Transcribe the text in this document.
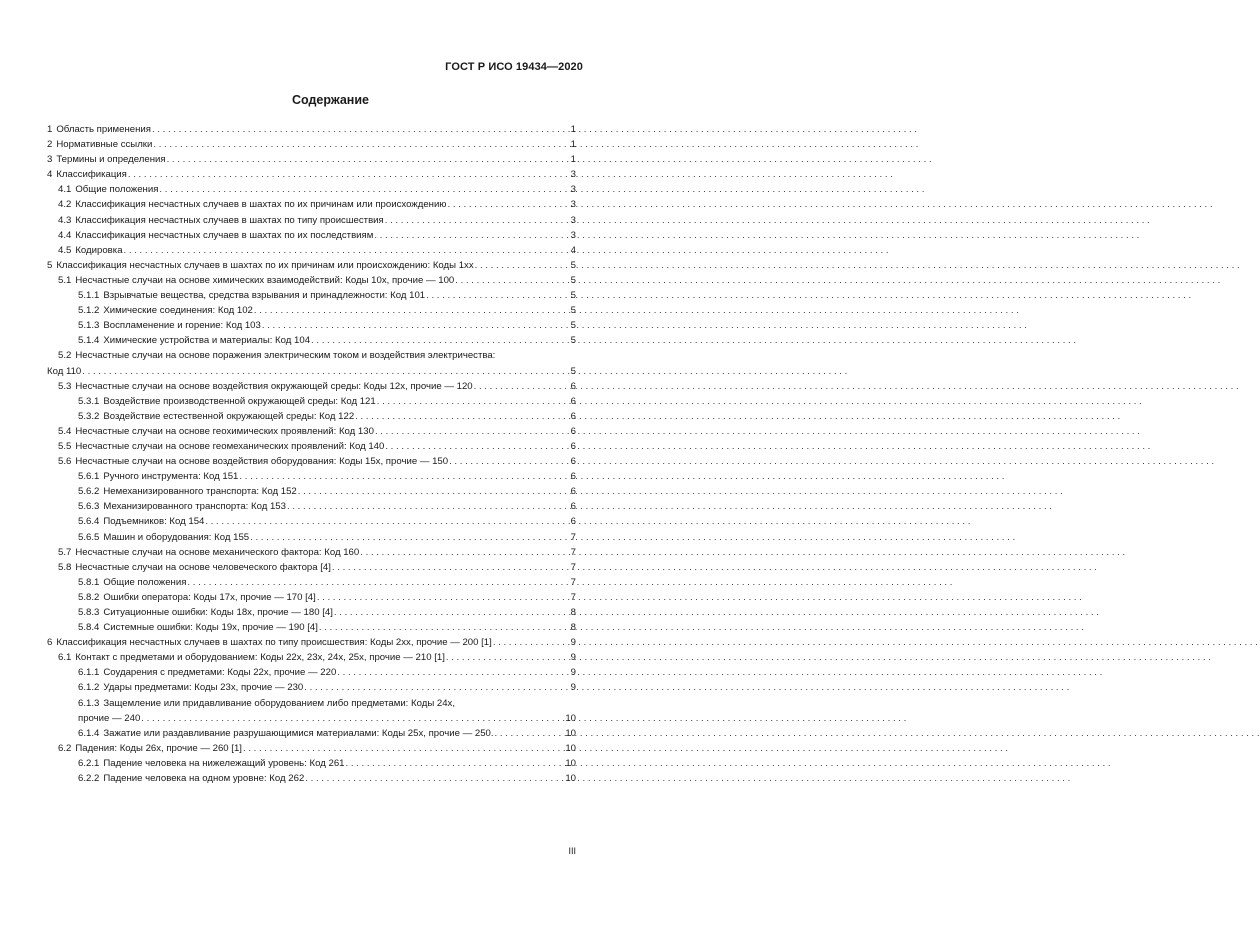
ГОСТ Р ИСО 19434—2020
Содержание
1 Область применения . . .	1
2 Нормативные ссылки . . .	1
3 Термины и определения . . .	1
4 Классификация . . .	3
4.1 Общие положения . . .	3
4.2 Классификация несчастных случаев в шахтах по их причинам или происхождению . . .	3
4.3 Классификация несчастных случаев в шахтах по типу происшествия . . .	3
4.4 Классификация несчастных случаев в шахтах по их последствиям . . .	3
4.5 Кодировка . . .	4
5 Классификация несчастных случаев в шахтах по их причинам или происхождению: Коды 1хх . . .	5
5.1 Несчастные случаи на основе химических взаимодействий: Коды 10х, прочие — 100 . . .	5
5.1.1 Взрывчатые вещества, средства взрывания и принадлежности: Код 101 . . .	5
5.1.2 Химические соединения: Код 102 . . .	5
5.1.3 Воспламенение и горение: Код 103 . . .	5
5.1.4 Химические устройства и материалы: Код 104 . . .	5
5.2 Несчастные случаи на основе поражения электрическим током и воздействия электричества:
Код 110 . . .	5
5.3 Несчастные случаи на основе воздействия окружающей среды: Коды 12х, прочие — 120 . . .	6
5.3.1 Воздействие производственной окружающей среды: Код 121 . . .	6
5.3.2 Воздействие естественной окружающей среды: Код 122 . . .	6
5.4 Несчастные случаи на основе геохимических проявлений: Код 130 . . .	6
5.5 Несчастные случаи на основе геомеханических проявлений: Код 140 . . .	6
5.6 Несчастные случаи на основе воздействия оборудования: Коды 15х, прочие — 150 . . .	6
5.6.1 Ручного инструмента: Код 151 . . .	6
5.6.2 Немеханизированного транспорта: Код 152 . . .	6
5.6.3 Механизированного транспорта: Код 153 . . .	6
5.6.4 Подъемников: Код 154 . . .	6
5.6.5 Машин и оборудования: Код 155 . . .	7
5.7 Несчастные случаи на основе механического фактора: Код 160 . . .	7
5.8 Несчастные случаи на основе человеческого фактора [4] . . .	7
5.8.1 Общие положения . . .	7
5.8.2 Ошибки оператора: Коды 17х, прочие — 170 [4] . . .	7
5.8.3 Ситуационные ошибки: Коды 18х, прочие — 180 [4] . . .	8
5.8.4 Системные ошибки: Коды 19х, прочие — 190 [4] . . .	8
6 Классификация несчастных случаев в шахтах по типу происшествия: Коды 2хх, прочие — 200 [1] . . .	9
6.1 Контакт с предметами и оборудованием: Коды 22х, 23х, 24х, 25х, прочие — 210 [1] . . .	9
6.1.1 Соударения с предметами: Коды 22х, прочие — 220 . . .	9
6.1.2 Удары предметами: Коды 23х, прочие — 230 . . .	9
6.1.3 Защемление или придавливание оборудованием либо предметами: Коды 24х,
прочие — 240 . . .	10
6.1.4 Зажатие или раздавливание разрушающимися материалами: Коды 25х, прочие — 250. . . .	10
6.2 Падения: Коды 26х, прочие — 260 [1] . . .	10
6.2.1 Падение человека на нижележащий уровень: Код 261 . . .	10
6.2.2 Падение человека на одном уровне: Код 262 . . .	10
III
